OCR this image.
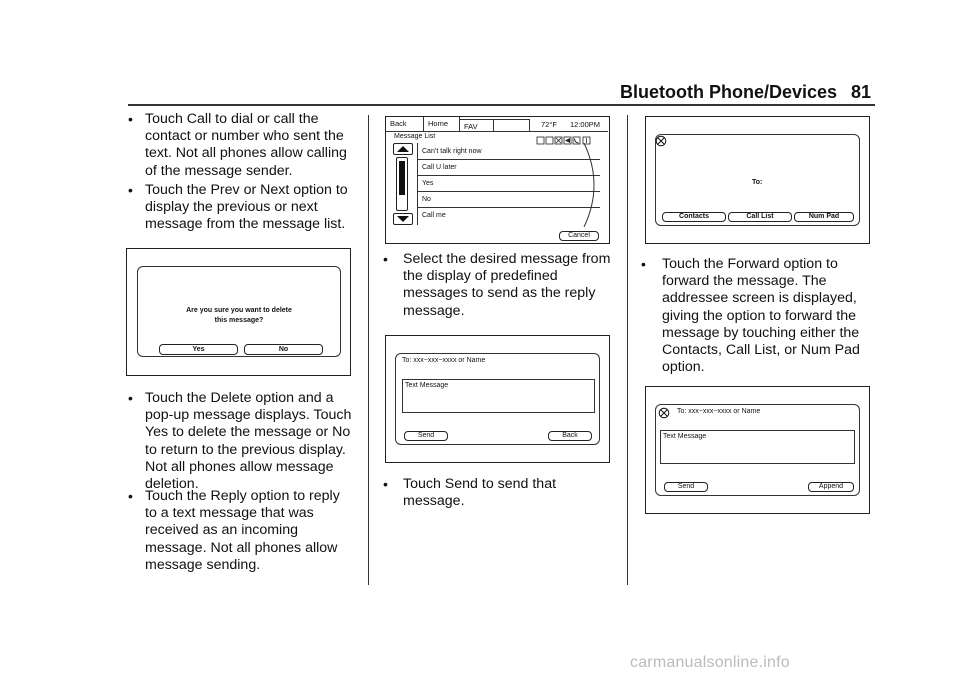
Bluetooth Phone/Devices 81
• Touch Call to dial or call the
contact or number who sent the
text. Not all phones allow calling
of the message sender.
• Touch the Prev or Next option to
display the previous or next
message from the message list.
Are you sure you want to delete
this message?
Yes	No
• Touch the Delete option and a
pop-up message displays. Touch
Yes to delete the message or No
to return to the previous display.
Not all phones allow message
deletion.
• Touch the Reply option to reply
to a text message that was
received as an incoming
message. Not all phones allow
message sending.
Back	Home	FAV	72°F 12:00PM
Message List
Can’t talk right now
Call U later
Yes
No
Call me
Cancel
• Select the desired message from
the display of predefined
messages to send as the reply
message.
To: xxx−xxx−xxxx or Name
Text Message
Send	Back
• Touch Send to send that
message.
To:
Contacts	Call List	Num Pad
• Touch the Forward option to
forward the message. The
addressee screen is displayed,
giving the option to forward the
message by touching either the
Contacts, Call List, or Num Pad
option.
To: xxx−xxx−xxxx or Name
Text Message
Send	Append
carmanualsonline.info
